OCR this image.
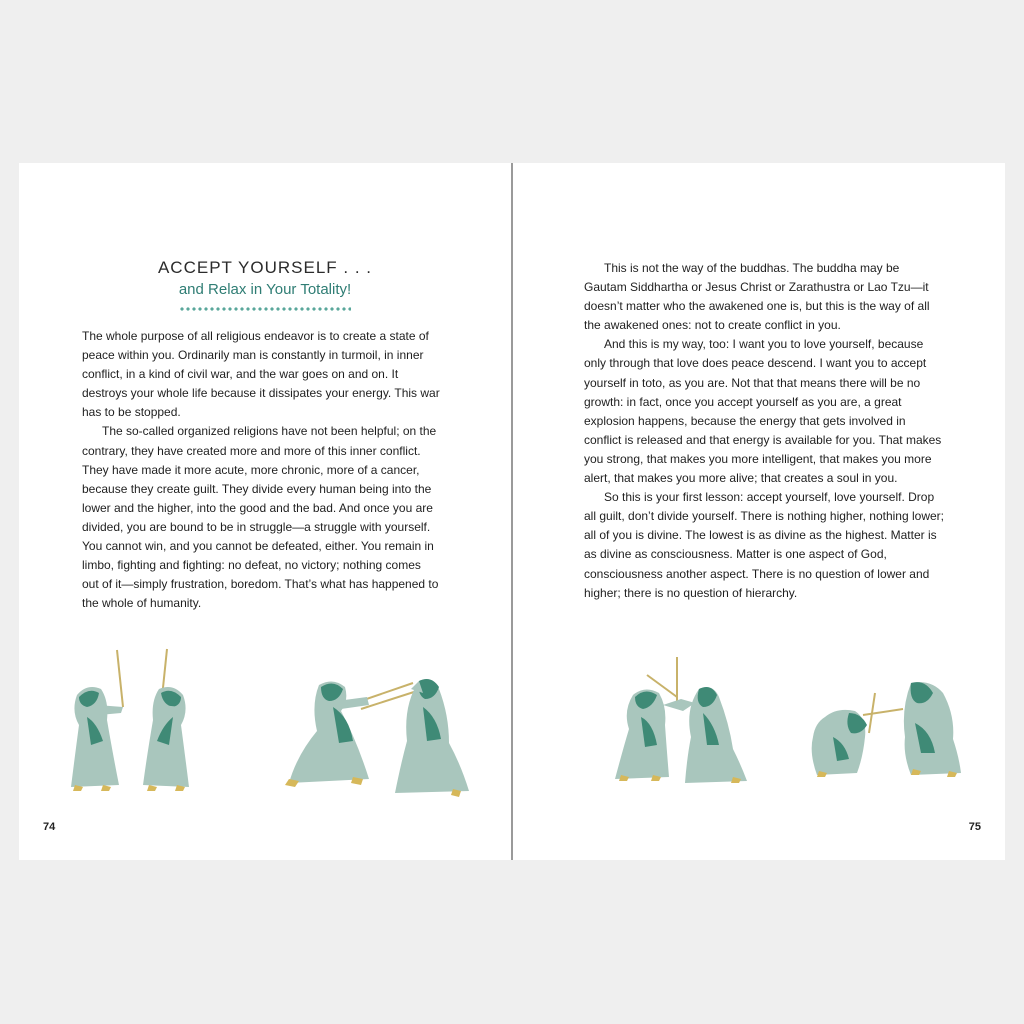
ACCEPT YOURSELF . . .
and Relax in Your Totality!

The whole purpose of all religious endeavor is to create a state of peace within you. Ordinarily man is constantly in turmoil, in inner conflict, in a kind of civil war, and the war goes on and on. It destroys your whole life because it dissipates your energy. This war has to be stopped.

The so-called organized religions have not been helpful; on the contrary, they have created more and more of this inner conflict. They have made it more acute, more chronic, more of a cancer, because they create guilt. They divide every human being into the lower and the higher, into the good and the bad. And once you are divided, you are bound to be in struggle—a struggle with yourself. You cannot win, and you cannot be defeated, either. You remain in limbo, fighting and fighting: no defeat, no victory; nothing comes out of it—simply frustration, boredom. That’s what has happened to the whole of humanity.

74

This is not the way of the buddhas. The buddha may be Gautam Siddhartha or Jesus Christ or Zarathustra or Lao Tzu—it doesn’t matter who the awakened one is, but this is the way of all the awakened ones: not to create conflict in you.

And this is my way, too: I want you to love yourself, because only through that love does peace descend. I want you to accept yourself in toto, as you are. Not that that means there will be no growth: in fact, once you accept yourself as you are, a great explosion happens, because the energy that gets involved in conflict is released and that energy is available for you. That makes you strong, that makes you more intelligent, that makes you more alert, that makes you more alive; that creates a soul in you.

So this is your first lesson: accept yourself, love yourself. Drop all guilt, don’t divide yourself. There is nothing higher, nothing lower; all of you is divine. The lowest is as divine as the highest. Matter is as divine as consciousness. Matter is one aspect of God, consciousness another aspect. There is no question of lower and higher; there is no question of hierarchy.

75
